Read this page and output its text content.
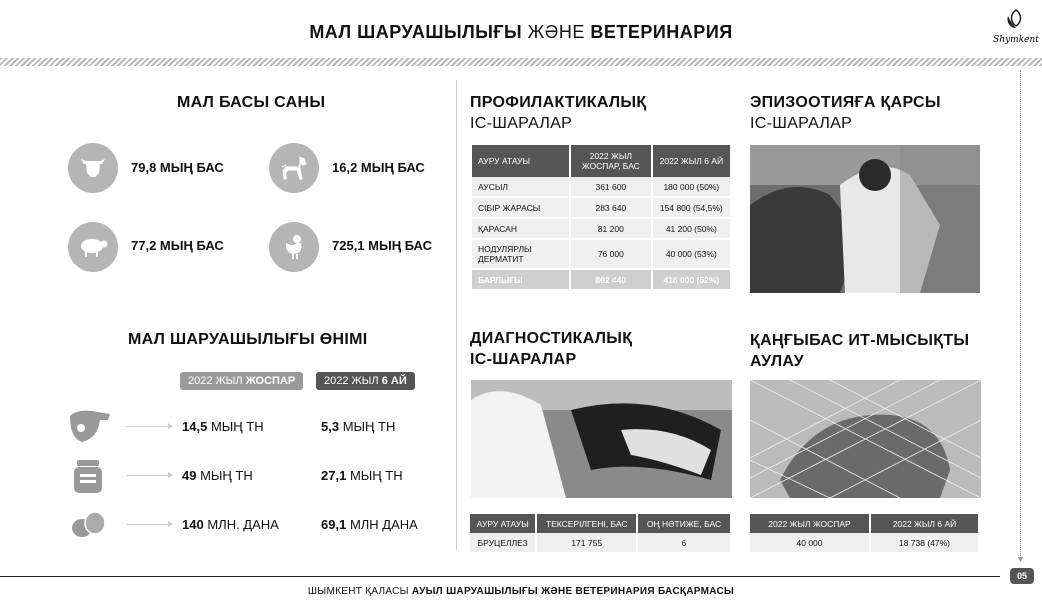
МАЛ ШАРУАШЫЛЫҒЫ ЖӘНЕ ВЕТЕРИНАРИЯ	Shymkent
МАЛ БАСЫ САНЫ
79,8 МЫҢ БАС	16,2 МЫҢ БАС
77,2 МЫҢ БАС	725,1 МЫҢ БАС
МАЛ ШАРУАШЫЛЫҒЫ ӨНІМІ
2022 ЖЫЛ ЖОСПАР	2022 ЖЫЛ 6 АЙ
14,5 МЫҢ ТН	5,3 МЫҢ ТН
49 МЫҢ ТН	27,1 МЫҢ ТН
140 МЛН. ДАНА	69,1 МЛН ДАНА
ПРОФИЛАКТИКАЛЫҚ
ІС-ШАРАЛАР
АУРУ АТАУЫ	2022 ЖЫЛ ЖОСПАР, БАС	2022 ЖЫЛ 6 АЙ
АУСЫЛ	361 600	180 000 (50%)
СІБІР ЖАРАСЫ	283 640	154 800 (54,5%)
ҚАРАСАН	81 200	41 200 (50%)
НОДУЛЯРЛЫ ДЕРМАТИТ	76 000	40 000 (53%)
БАРЛЫҒЫ	802 440	416 000 (52%)
ЭПИЗООТИЯҒА ҚАРСЫ
ІС-ШАРАЛАР
ДИАГНОСТИКАЛЫҚ
ІС-ШАРАЛАР
АУРУ АТАУЫ	ТЕКСЕРІЛГЕНІ, БАС	ОҢ НӘТИЖЕ, БАС
БРУЦЕЛЛЕЗ	171 755	6
ҚАҢҒЫБАС ИТ-МЫСЫҚТЫ АУЛАУ
2022 ЖЫЛ ЖОСПАР	2022 ЖЫЛ 6 АЙ
40 000	18 738 (47%)
▼
ШЫМКЕНТ ҚАЛАСЫ АУЫЛ ШАРУАШЫЛЫҒЫ ЖӘНЕ ВЕТЕРИНАРИЯ БАСҚАРМАСЫ
05
